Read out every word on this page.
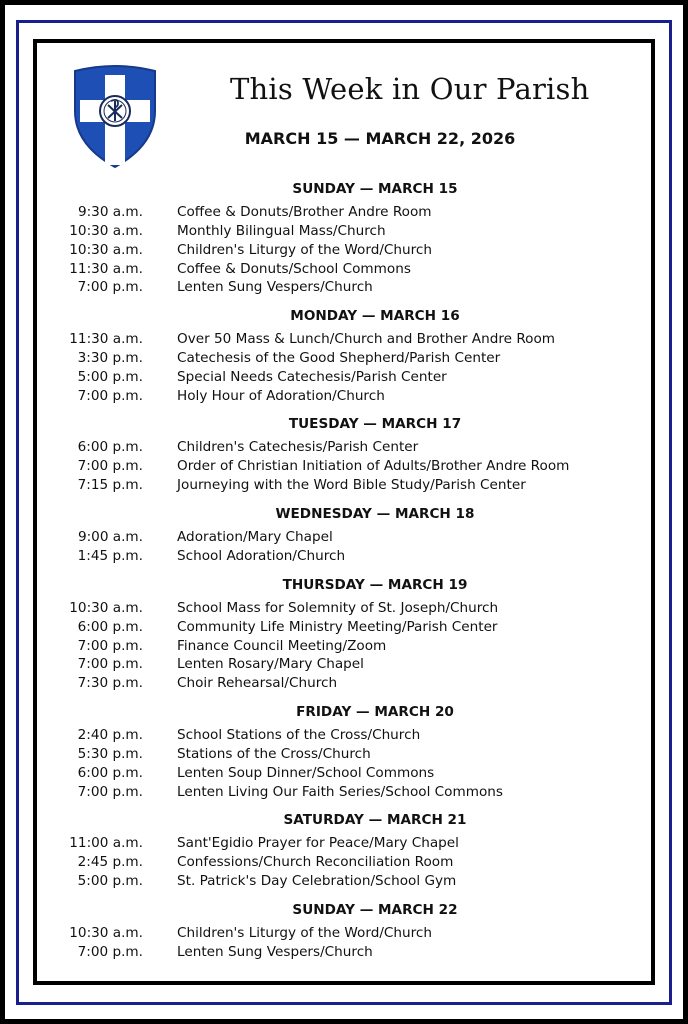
This Week in Our Parish
MARCH 15 — MARCH 22, 2026
SUNDAY — MARCH 15
9:30 a.m.	Coffee & Donuts/Brother Andre Room
10:30 a.m.	Monthly Bilingual Mass/Church
10:30 a.m.	Children's Liturgy of the Word/Church
11:30 a.m.	Coffee & Donuts/School Commons
7:00 p.m.	Lenten Sung Vespers/Church
MONDAY — MARCH 16
11:30 a.m.	Over 50 Mass & Lunch/Church and Brother Andre Room
3:30 p.m.	Catechesis of the Good Shepherd/Parish Center
5:00 p.m.	Special Needs Catechesis/Parish Center
7:00 p.m.	Holy Hour of Adoration/Church
TUESDAY — MARCH 17
6:00 p.m.	Children's Catechesis/Parish Center
7:00 p.m.	Order of Christian Initiation of Adults/Brother Andre Room
7:15 p.m.	Journeying with the Word Bible Study/Parish Center
WEDNESDAY — MARCH 18
9:00 a.m.	Adoration/Mary Chapel
1:45 p.m.	School Adoration/Church
THURSDAY — MARCH 19
10:30 a.m.	School Mass for Solemnity of St. Joseph/Church
6:00 p.m.	Community Life Ministry Meeting/Parish Center
7:00 p.m.	Finance Council Meeting/Zoom
7:00 p.m.	Lenten Rosary/Mary Chapel
7:30 p.m.	Choir Rehearsal/Church
FRIDAY — MARCH 20
2:40 p.m.	School Stations of the Cross/Church
5:30 p.m.	Stations of the Cross/Church
6:00 p.m.	Lenten Soup Dinner/School Commons
7:00 p.m.	Lenten Living Our Faith Series/School Commons
SATURDAY — MARCH 21
11:00 a.m.	Sant'Egidio Prayer for Peace/Mary Chapel
2:45 p.m.	Confessions/Church Reconciliation Room
5:00 p.m.	St. Patrick's Day Celebration/School Gym
SUNDAY — MARCH 22
10:30 a.m.	Children's Liturgy of the Word/Church
7:00 p.m.	Lenten Sung Vespers/Church
